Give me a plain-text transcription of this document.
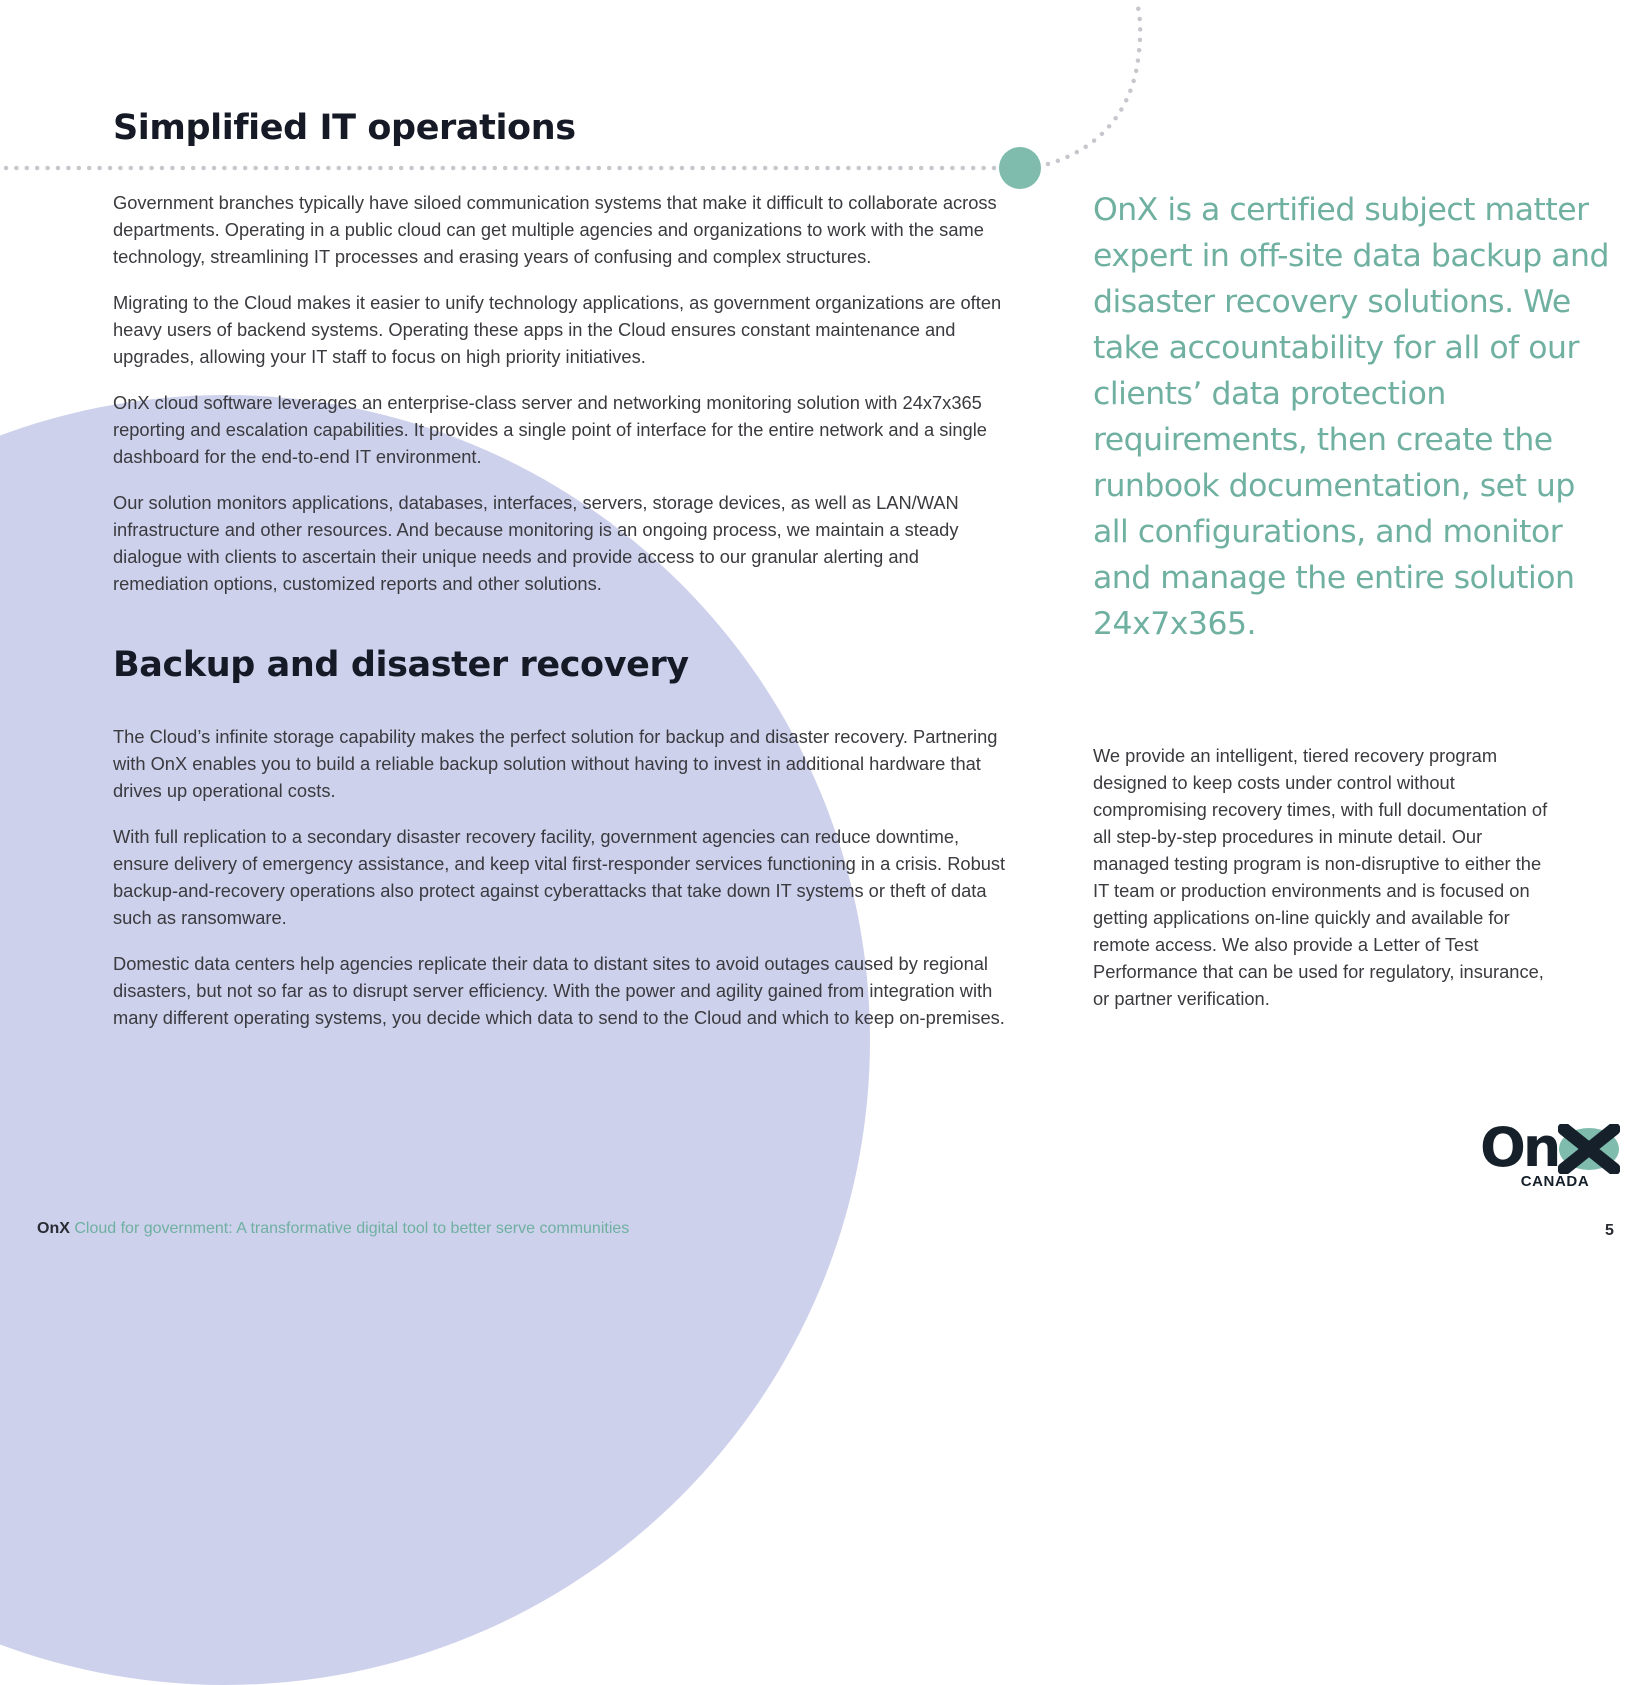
Simplified IT operations

Government branches typically have siloed communication systems that make it difficult to collaborate across departments. Operating in a public cloud can get multiple agencies and organizations to work with the same technology, streamlining IT processes and erasing years of confusing and complex structures.

Migrating to the Cloud makes it easier to unify technology applications, as government organizations are often heavy users of backend systems. Operating these apps in the Cloud ensures constant maintenance and upgrades, allowing your IT staff to focus on high priority initiatives.

OnX cloud software leverages an enterprise-class server and networking monitoring solution with 24x7x365 reporting and escalation capabilities. It provides a single point of interface for the entire network and a single dashboard for the end-to-end IT environment.

Our solution monitors applications, databases, interfaces, servers, storage devices, as well as LAN/WAN infrastructure and other resources. And because monitoring is an ongoing process, we maintain a steady dialogue with clients to ascertain their unique needs and provide access to our granular alerting and remediation options, customized reports and other solutions.

Backup and disaster recovery

The Cloud’s infinite storage capability makes the perfect solution for backup and disaster recovery. Partnering with OnX enables you to build a reliable backup solution without having to invest in additional hardware that drives up operational costs.

With full replication to a secondary disaster recovery facility, government agencies can reduce downtime, ensure delivery of emergency assistance, and keep vital first-responder services functioning in a crisis. Robust backup-and-recovery operations also protect against cyberattacks that take down IT systems or theft of data such as ransomware.

Domestic data centers help agencies replicate their data to distant sites to avoid outages caused by regional disasters, but not so far as to disrupt server efficiency. With the power and agility gained from integration with many different operating systems, you decide which data to send to the Cloud and which to keep on-premises.

OnX is a certified subject matter expert in off-site data backup and disaster recovery solutions. We take accountability for all of our clients’ data protection requirements, then create the runbook documentation, set up all configurations, and monitor and manage the entire solution 24x7x365.

We provide an intelligent, tiered recovery program designed to keep costs under control without compromising recovery times, with full documentation of all step-by-step procedures in minute detail. Our managed testing program is non-disruptive to either the IT team or production environments and is focused on getting applications on-line quickly and available for remote access. We also provide a Letter of Test Performance that can be used for regulatory, insurance, or partner verification.

On
CANADA
OnX Cloud for government: A transformative digital tool to better serve communities	5
